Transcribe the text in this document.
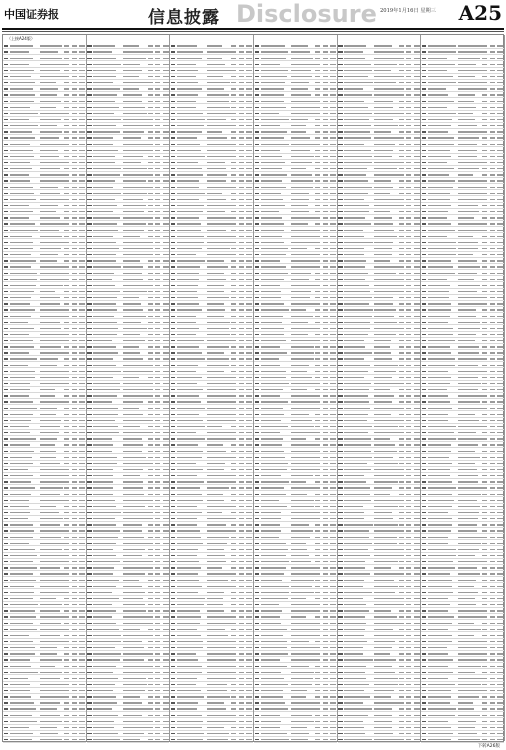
中国证券报	信息披露 Disclosure 2019年1月16日 星期三 A25
（上接A24版）
下转A26版
